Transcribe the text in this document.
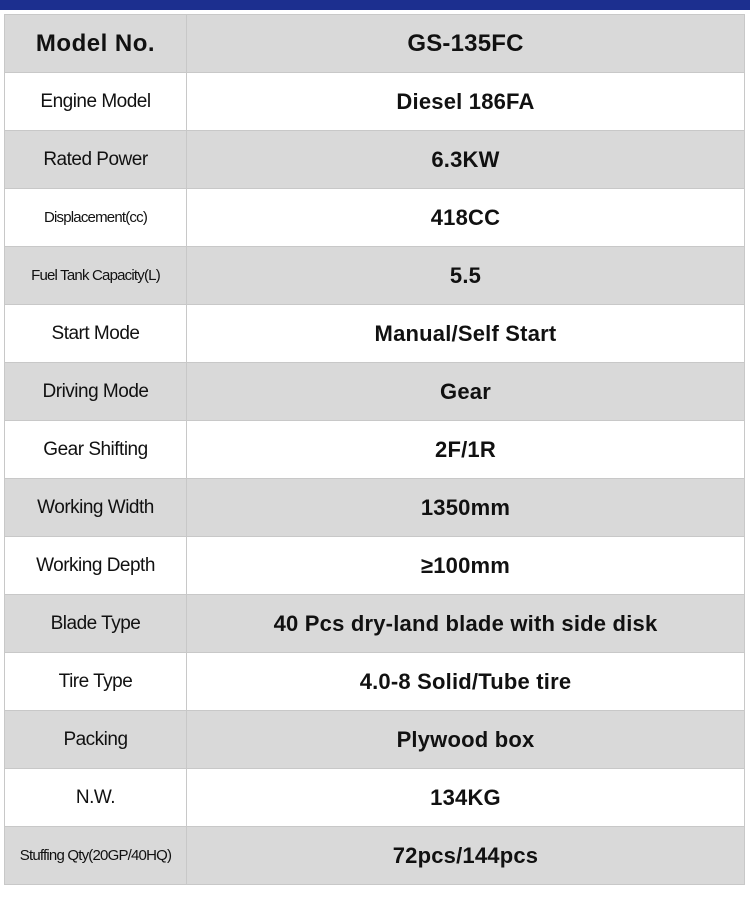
Model No.	GS-135FC
Engine Model	Diesel 186FA
Rated Power	6.3KW
Displacement(cc)	418CC
Fuel Tank Capacity(L)	5.5
Start Mode	Manual/Self Start
Driving Mode	Gear
Gear Shifting	2F/1R
Working Width	1350mm
Working Depth	≥100mm
Blade Type	40 Pcs dry-land blade with side disk
Tire Type	4.0-8 Solid/Tube tire
Packing	Plywood box
N.W.	134KG
Stuffing Qty(20GP/40HQ)	72pcs/144pcs
